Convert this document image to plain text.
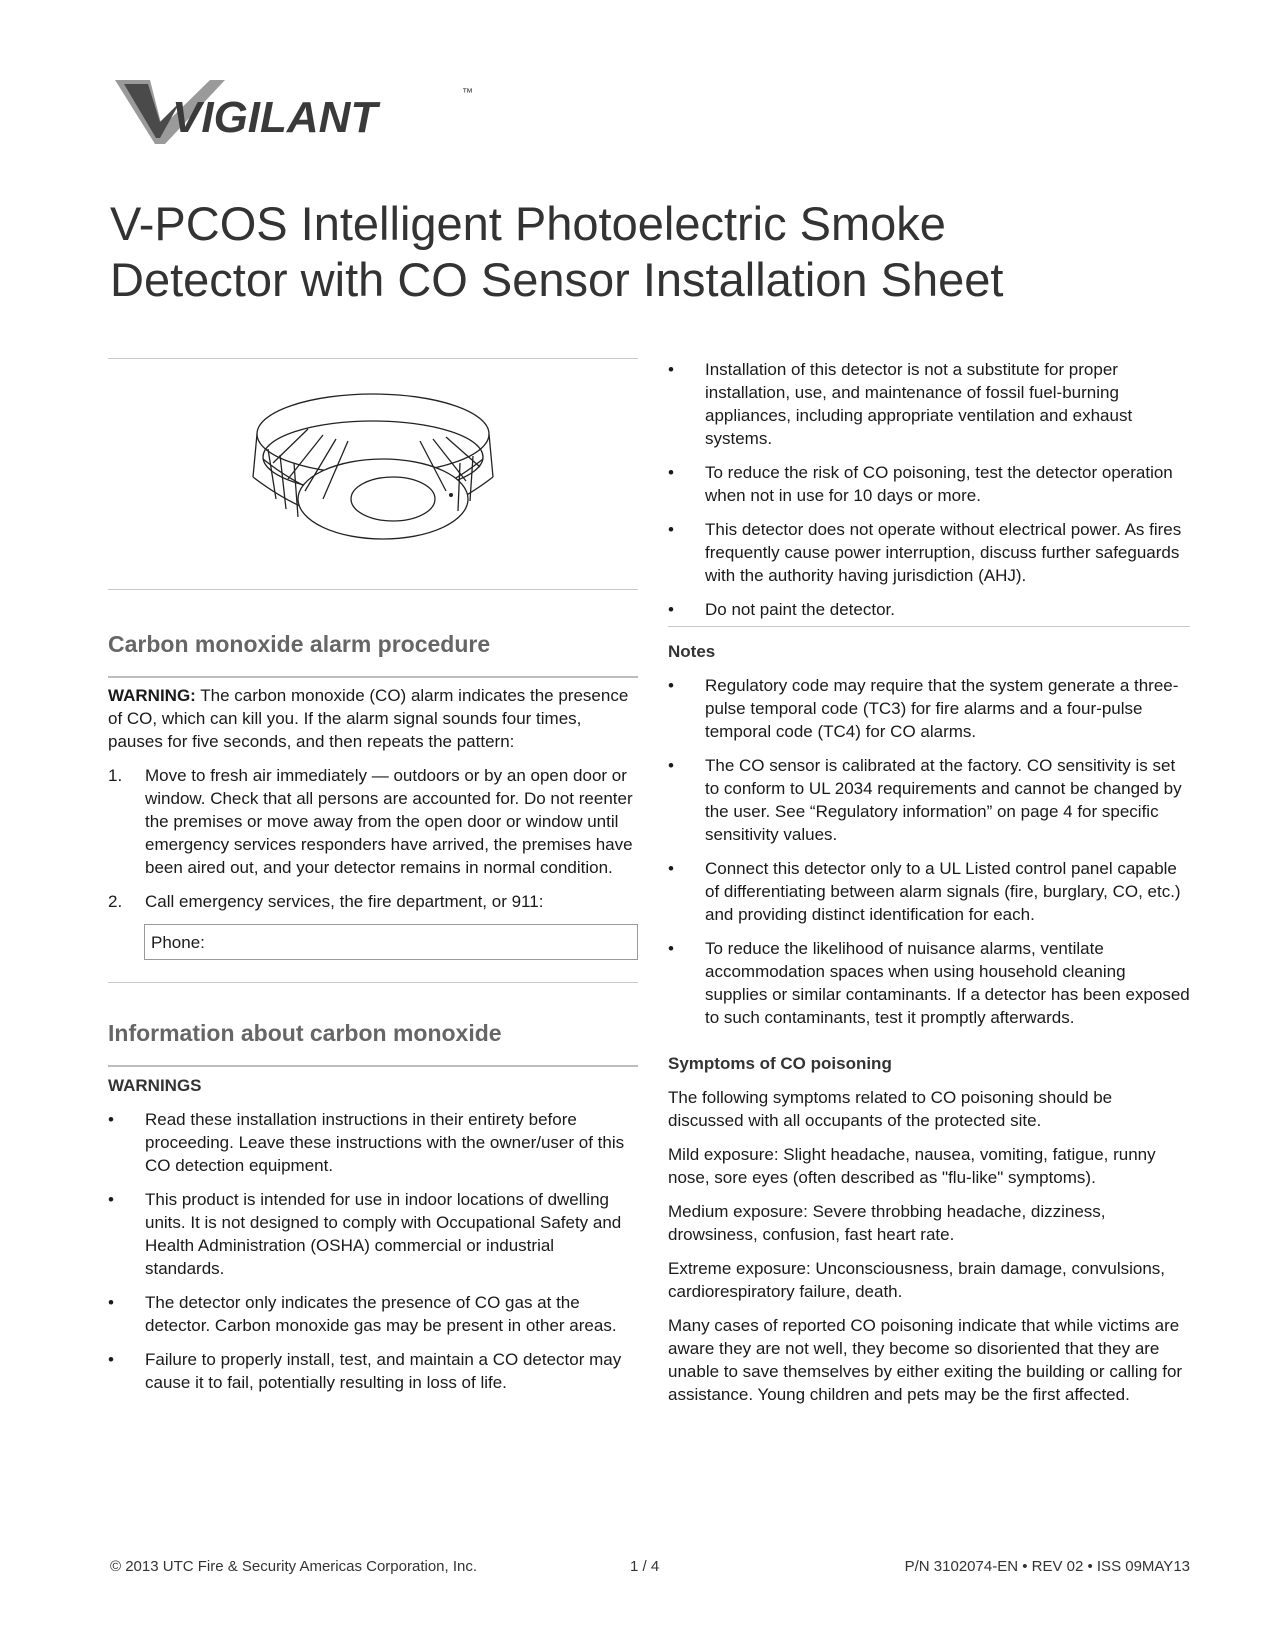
VIGILANT	™
V-PCOS Intelligent Photoelectric Smoke
Detector with CO Sensor Installation Sheet
Carbon monoxide alarm procedure

WARNING: The carbon monoxide (CO) alarm indicates the presence of CO, which can kill you. If the alarm signal sounds four times, pauses for five seconds, and then repeats the pattern:

1. Move to fresh air immediately — outdoors or by an open door or window. Check that all persons are accounted for. Do not reenter the premises or move away from the open door or window until emergency services responders have arrived, the premises have been aired out, and your detector remains in normal condition.
2. Call emergency services, the fire department, or 911:
Phone:
Information about carbon monoxide
WARNINGS
• Read these installation instructions in their entirety before proceeding. Leave these instructions with the owner/user of this CO detection equipment.
• This product is intended for use in indoor locations of dwelling units. It is not designed to comply with Occupational Safety and Health Administration (OSHA) commercial or industrial standards.
• The detector only indicates the presence of CO gas at the detector. Carbon monoxide gas may be present in other areas.
• Failure to properly install, test, and maintain a CO detector may cause it to fail, potentially resulting in loss of life.
• Installation of this detector is not a substitute for proper installation, use, and maintenance of fossil fuel-burning appliances, including appropriate ventilation and exhaust systems.
• To reduce the risk of CO poisoning, test the detector operation when not in use for 10 days or more.
• This detector does not operate without electrical power. As fires frequently cause power interruption, discuss further safeguards with the authority having jurisdiction (AHJ).
• Do not paint the detector.
Notes
• Regulatory code may require that the system generate a three-pulse temporal code (TC3) for fire alarms and a four-pulse temporal code (TC4) for CO alarms.
• The CO sensor is calibrated at the factory. CO sensitivity is set to conform to UL 2034 requirements and cannot be changed by the user. See “Regulatory information” on page 4 for specific sensitivity values.
• Connect this detector only to a UL Listed control panel capable of differentiating between alarm signals (fire, burglary, CO, etc.) and providing distinct identification for each.
• To reduce the likelihood of nuisance alarms, ventilate accommodation spaces when using household cleaning supplies or similar contaminants. If a detector has been exposed to such contaminants, test it promptly afterwards.
Symptoms of CO poisoning

The following symptoms related to CO poisoning should be discussed with all occupants of the protected site.

Mild exposure: Slight headache, nausea, vomiting, fatigue, runny nose, sore eyes (often described as "flu-like" symptoms).

Medium exposure: Severe throbbing headache, dizziness, drowsiness, confusion, fast heart rate.

Extreme exposure: Unconsciousness, brain damage, convulsions, cardiorespiratory failure, death.

Many cases of reported CO poisoning indicate that while victims are aware they are not well, they become so disoriented that they are unable to save themselves by either exiting the building or calling for assistance. Young children and pets may be the first affected.

© 2013 UTC Fire & Security Americas Corporation, Inc.	1 / 4	P/N 3102074-EN • REV 02 • ISS 09MAY13
